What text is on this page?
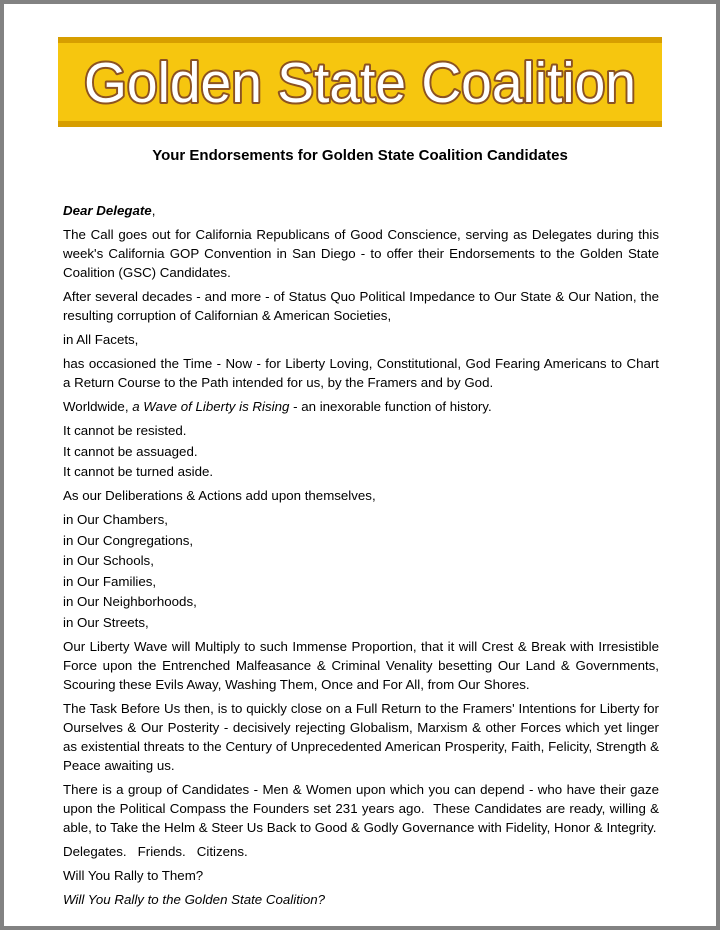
Golden State Coalition
Your Endorsements for Golden State Coalition Candidates

Dear Delegate,

The Call goes out for California Republicans of Good Conscience, serving as Delegates during this week's California GOP Convention in San Diego - to offer their Endorsements to the Golden State Coalition (GSC) Candidates.

After several decades - and more - of Status Quo Political Impedance to Our State & Our Nation, the resulting corruption of Californian & American Societies,

in All Facets,

has occasioned the Time - Now - for Liberty Loving, Constitutional, God Fearing Americans to Chart a Return Course to the Path intended for us, by the Framers and by God.

Worldwide, a Wave of Liberty is Rising - an inexorable function of history.

It cannot be resisted.

It cannot be assuaged.

It cannot be turned aside.

As our Deliberations & Actions add upon themselves,

in Our Chambers,

in Our Congregations,

in Our Schools,

in Our Families,

in Our Neighborhoods,

in Our Streets,

Our Liberty Wave will Multiply to such Immense Proportion, that it will Crest & Break with Irresistible Force upon the Entrenched Malfeasance & Criminal Venality besetting Our Land & Governments, Scouring these Evils Away, Washing Them, Once and For All, from Our Shores.

The Task Before Us then, is to quickly close on a Full Return to the Framers' Intentions for Liberty for Ourselves & Our Posterity - decisively rejecting Globalism, Marxism & other Forces which yet linger as existential threats to the Century of Unprecedented American Prosperity, Faith, Felicity, Strength & Peace awaiting us.

There is a group of Candidates - Men & Women upon which you can depend - who have their gaze upon the Political Compass the Founders set 231 years ago.  These Candidates are ready, willing & able, to Take the Helm & Steer Us Back to Good & Godly Governance with Fidelity, Honor & Integrity.

Delegates.   Friends.   Citizens.

Will You Rally to Them?

Will You Rally to the Golden State Coalition?
